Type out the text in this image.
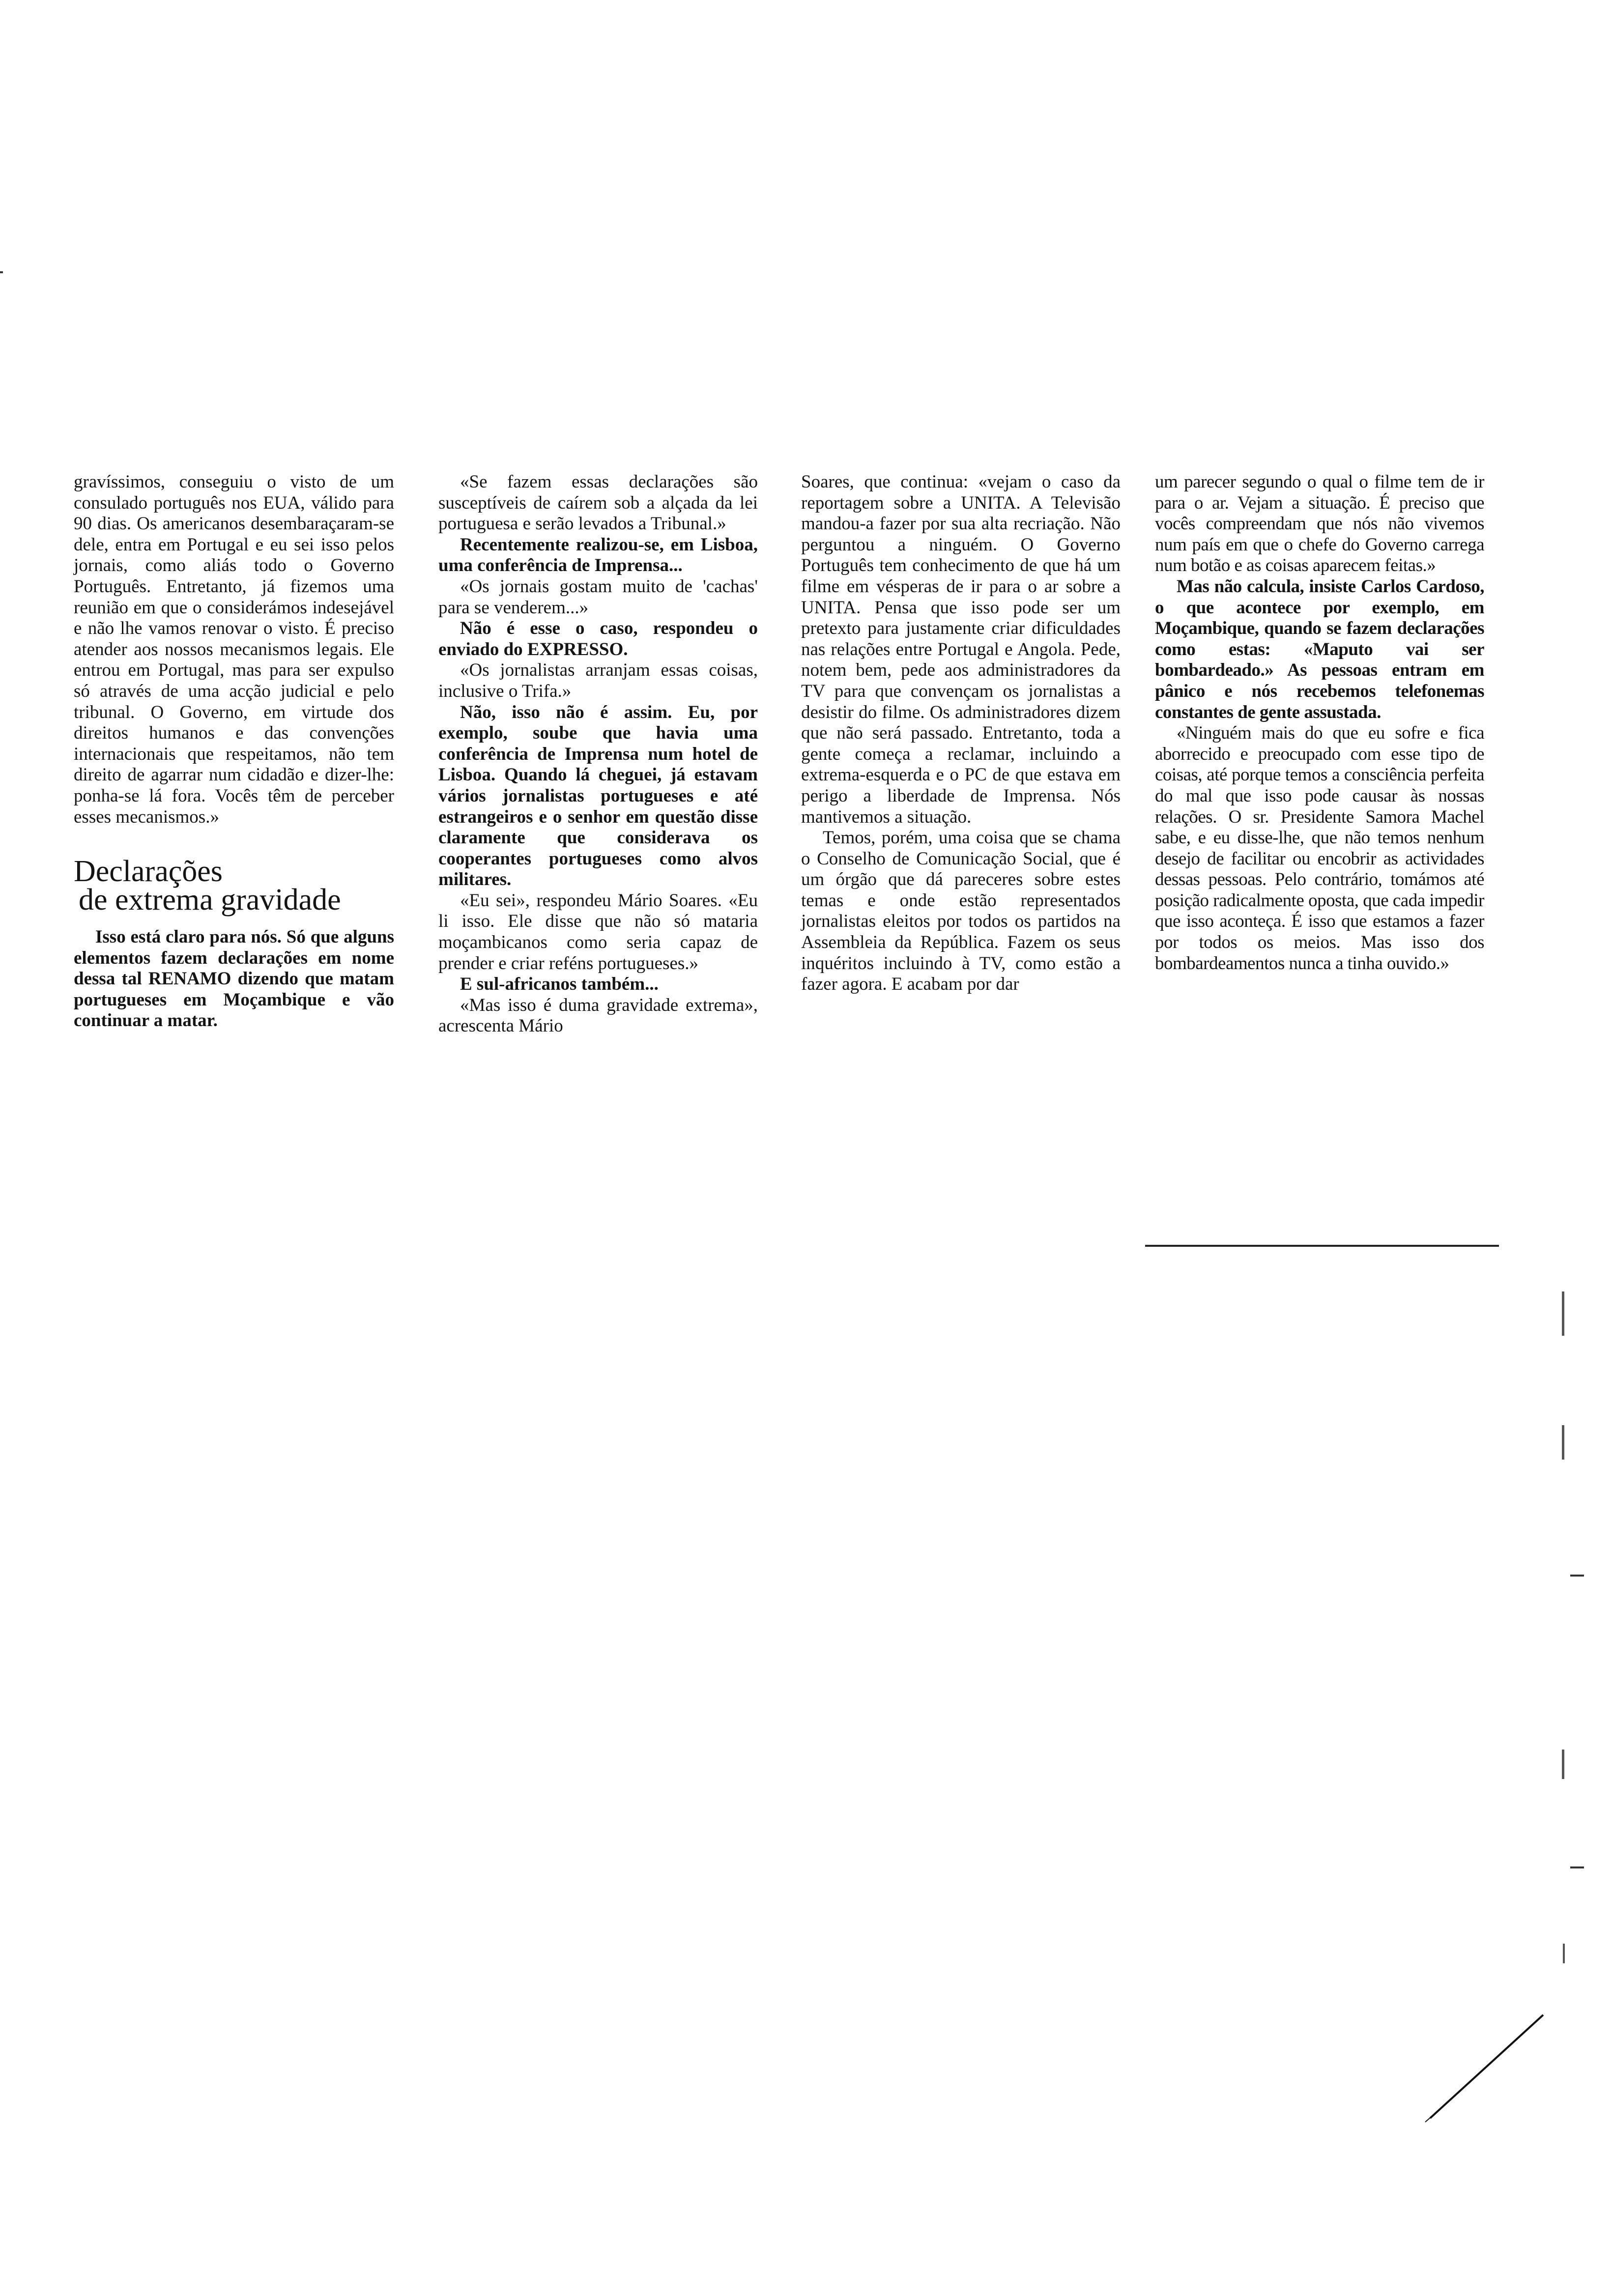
gravíssimos, conseguiu o visto de um consulado português nos EUA, válido para 90 dias. Os americanos desembaraçaram-se dele, entra em Portugal e eu sei isso pelos jornais, como aliás todo o Governo Português. Entretanto, já fizemos uma reunião em que o considerámos indesejável e não lhe vamos renovar o visto. É preciso atender aos nossos mecanismos legais. Ele entrou em Portugal, mas para ser expulso só através de uma acção judicial e pelo tribunal. O Governo, em virtude dos direitos humanos e das convenções internacionais que respeitamos, não tem direito de agarrar num cidadão e dizer-lhe: ponha-se lá fora. Vocês têm de perceber esses mecanismos.»

Declarações
de extrema gravidade

Isso está claro para nós. Só que alguns elementos fazem declarações em nome dessa tal RENAMO dizendo que matam portugueses em Moçambique e vão continuar a matar.

«Se fazem essas declarações são susceptíveis de caírem sob a alçada da lei portuguesa e serão levados a Tribunal.»

Recentemente realizou-se, em Lisboa, uma conferência de Imprensa...

«Os jornais gostam muito de 'cachas' para se venderem...»

Não é esse o caso, respondeu o enviado do EXPRESSO.

«Os jornalistas arranjam essas coisas, inclusive o Trifa.»

Não, isso não é assim. Eu, por exemplo, soube que havia uma conferência de Imprensa num hotel de Lisboa. Quando lá cheguei, já estavam vários jornalistas portugueses e até estrangeiros e o senhor em questão disse claramente que considerava os cooperantes portugueses como alvos militares.

«Eu sei», respondeu Mário Soares. «Eu li isso. Ele disse que não só mataria moçambicanos como seria capaz de prender e criar reféns portugueses.»

E sul-africanos também...

«Mas isso é duma gravidade extrema», acrescenta Mário

Soares, que continua: «vejam o caso da reportagem sobre a UNITA. A Televisão mandou-a fazer por sua alta recriação. Não perguntou a ninguém. O Governo Português tem conhecimento de que há um filme em vésperas de ir para o ar sobre a UNITA. Pensa que isso pode ser um pretexto para justamente criar dificuldades nas relações entre Portugal e Angola. Pede, notem bem, pede aos administradores da TV para que convençam os jornalistas a desistir do filme. Os administradores dizem que não será passado. Entretanto, toda a gente começa a reclamar, incluindo a extrema-esquerda e o PC de que estava em perigo a liberdade de Imprensa. Nós mantivemos a situação.

Temos, porém, uma coisa que se chama o Conselho de Comunicação Social, que é um órgão que dá pareceres sobre estes temas e onde estão representados jornalistas eleitos por todos os partidos na Assembleia da República. Fazem os seus inquéritos incluindo à TV, como estão a fazer agora. E acabam por dar

um parecer segundo o qual o filme tem de ir para o ar. Vejam a situação. É preciso que vocês compreendam que nós não vivemos num país em que o chefe do Governo carrega num botão e as coisas aparecem feitas.»

Mas não calcula, insiste Carlos Cardoso, o que acontece por exemplo, em Moçambique, quando se fazem declarações como estas: «Maputo vai ser bombardeado.» As pessoas entram em pânico e nós recebemos telefonemas constantes de gente assustada.

«Ninguém mais do que eu sofre e fica aborrecido e preocupado com esse tipo de coisas, até porque temos a consciência perfeita do mal que isso pode causar às nossas relações. O sr. Presidente Samora Machel sabe, e eu disse-lhe, que não temos nenhum desejo de facilitar ou encobrir as actividades dessas pessoas. Pelo contrário, tomámos até posição radicalmente oposta, que cada impedir que isso aconteça. É isso que estamos a fazer por todos os meios. Mas isso dos bombardeamentos nunca a tinha ouvido.»
